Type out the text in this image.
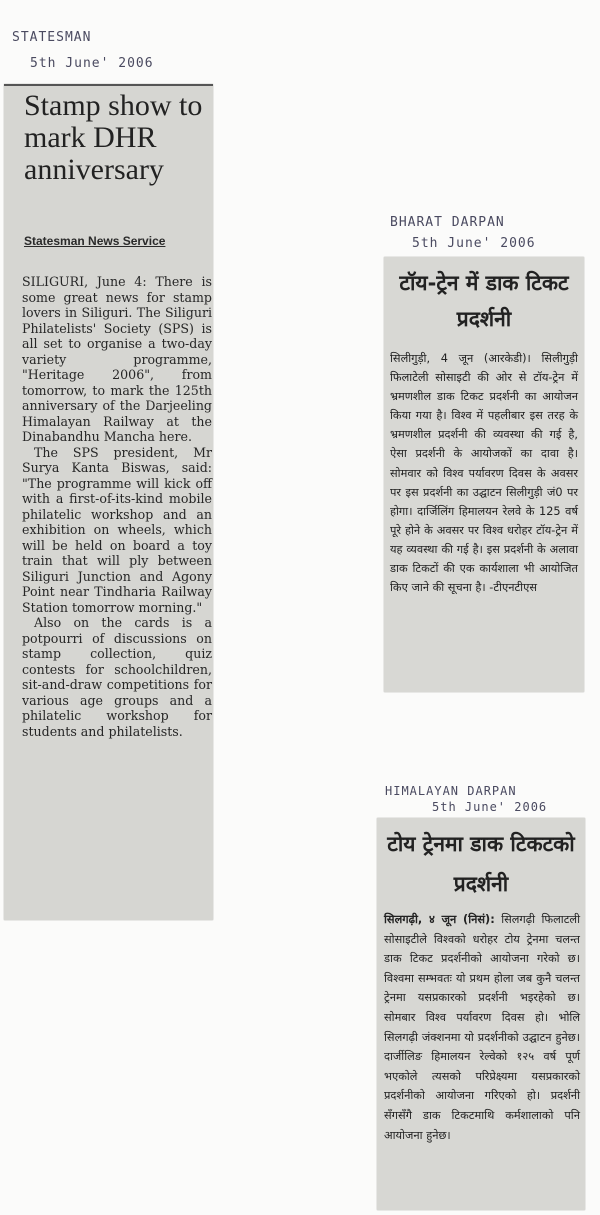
STATESMAN
5th June' 2006
BHARAT DARPAN
5th June' 2006
HIMALAYAN DARPAN
5th June' 2006
Stamp show to mark DHR anniversary
Statesman News Service

SILIGURI, June 4: There is some great news for stamp lovers in Siliguri. The Siliguri Philatelists' Society (SPS) is all set to organise a two-day variety programme, "Heritage 2006", from tomorrow, to mark the 125th anniversary of the Darjeeling Himalayan Railway at the Dinabandhu Mancha here.

The SPS president, Mr Surya Kanta Biswas, said: "The programme will kick off with a first-of-its-kind mobile philatelic workshop and an exhibition on wheels, which will be held on board a toy train that will ply between Siliguri Junction and Agony Point near Tindharia Railway Station tomorrow morning."

Also on the cards is a potpourri of discussions on stamp collection, quiz contests for schoolchildren, sit-and-draw competitions for various age groups and a philatelic workshop for students and philatelists.

टॉय-ट्रेन में डाक टिकट प्रदर्शनी
सिलीगुड़ी, 4 जून (आरकेडी)। सिलीगुड़ी फिलाटेली सोसाइटी की ओर से टॉय-ट्रेन में भ्रमणशील डाक टिकट प्रदर्शनी का आयोजन किया गया है। विश्व में पहलीबार इस तरह के भ्रमणशील प्रदर्शनी की व्यवस्था की गई है, ऐसा प्रदर्शनी के आयोजकों का दावा है। सोमवार को विश्व पर्यावरण दिवस के अवसर पर इस प्रदर्शनी का उद्घाटन सिलीगुड़ी जं0 पर होगा। दार्जिलिंग हिमालयन रेलवे के 125 वर्ष पूरे होने के अवसर पर विश्व धरोहर टॉय-ट्रेन में यह व्यवस्था की गई है। इस प्रदर्शनी के अलावा डाक टिकटों की एक कार्यशाला भी आयोजित किए जाने की सूचना है। -टीएनटीएस
टोय ट्रेनमा डाक टिकटको प्रदर्शनी
सिलगढ़ी, ४ जून (निसं): सिलगढ़ी फिलाटली सोसाइटीले विश्वको धरोहर टोय ट्रेनमा चलन्त डाक टिकट प्रदर्शनीको आयोजना गरेको छ। विश्वमा सम्भवतः यो प्रथम होला जब कुनै चलन्त ट्रेनमा यसप्रकारको प्रदर्शनी भइरहेको छ। सोमबार विश्व पर्यावरण दिवस हो। भोलि सिलगढ़ी जंक्शनमा यो प्रदर्शनीको उद्घाटन हुनेछ। दार्जीलिङ हिमालयन रेल्वेको १२५ वर्ष पूर्ण भएकोले त्यसको परिप्रेक्ष्यमा यसप्रकारको प्रदर्शनीको आयोजना गरिएको हो। प्रदर्शनी सँगसँगै डाक टिकटमाथि कर्मशालाको पनि आयोजना हुनेछ।
